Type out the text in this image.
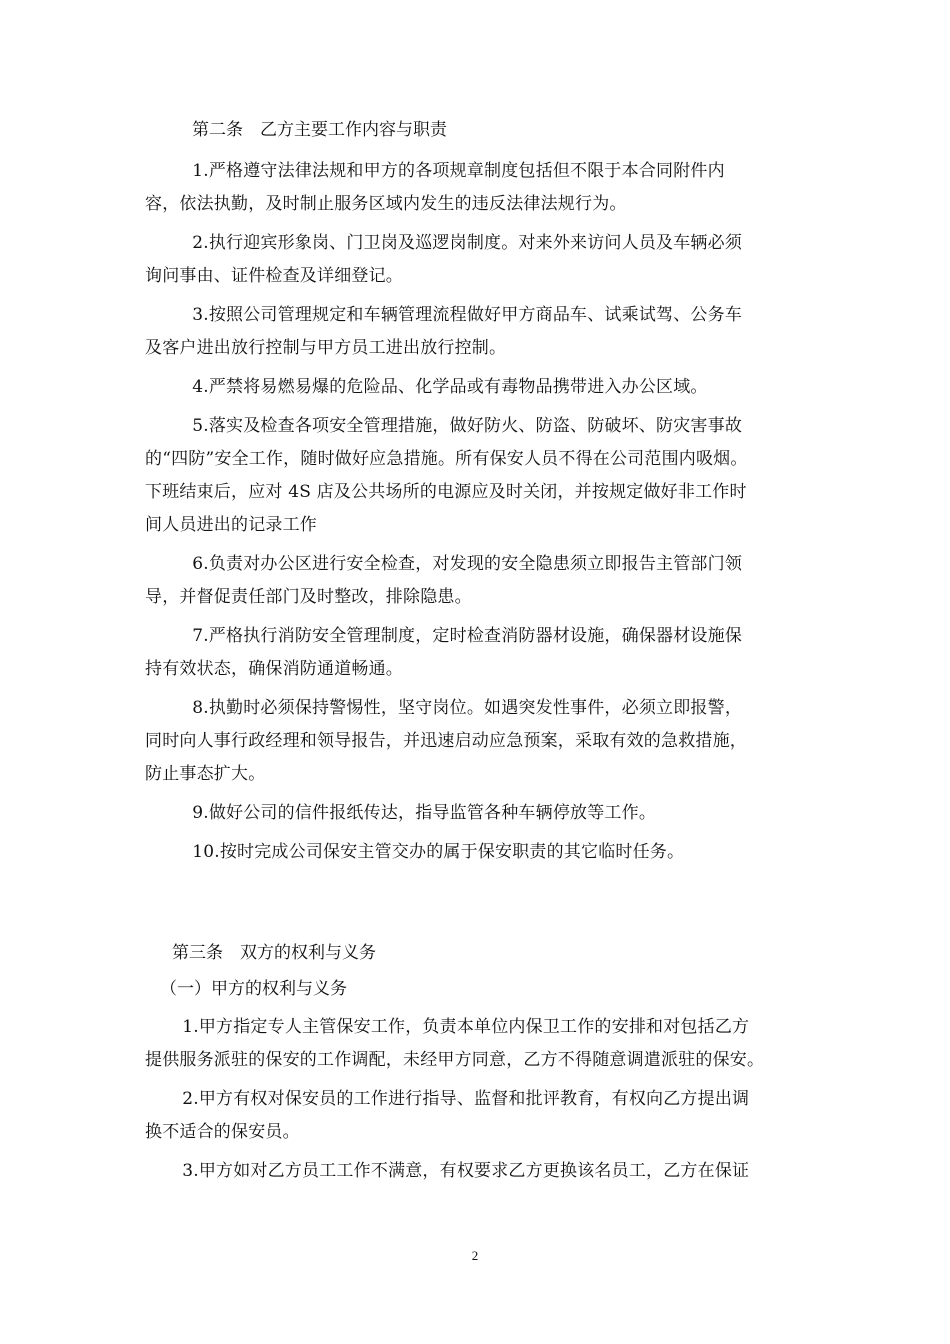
第二条　乙方主要工作内容与职责
　1.严格遵守法律法规和甲方的各项规章制度包括但不限于本合同附件内
容，依法执勤，及时制止服务区域内发生的违反法律法规行为。
　2.执行迎宾形象岗、门卫岗及巡逻岗制度。对来外来访问人员及车辆必须
询问事由、证件检查及详细登记。
　3.按照公司管理规定和车辆管理流程做好甲方商品车、试乘试驾、公务车
及客户进出放行控制与甲方员工进出放行控制。
　4.严禁将易燃易爆的危险品、化学品或有毒物品携带进入办公区域。
　5.落实及检查各项安全管理措施，做好防火、防盗、防破坏、防灾害事故
的“四防”安全工作，随时做好应急措施。所有保安人员不得在公司范围内吸烟。
下班结束后，应对 4S 店及公共场所的电源应及时关闭，并按规定做好非工作时
间人员进出的记录工作
　6.负责对办公区进行安全检查，对发现的安全隐患须立即报告主管部门领
导，并督促责任部门及时整改，排除隐患。
　7.严格执行消防安全管理制度，定时检查消防器材设施，确保器材设施保
持有效状态，确保消防通道畅通。
　8.执勤时必须保持警惕性，坚守岗位。如遇突发性事件，必须立即报警，
同时向人事行政经理和领导报告，并迅速启动应急预案，采取有效的急救措施，
防止事态扩大。
　9.做好公司的信件报纸传达，指导监管各种车辆停放等工作。
　10.按时完成公司保安主管交办的属于保安职责的其它临时任务。
第三条　双方的权利与义务
（一）甲方的权利与义务
　1.甲方指定专人主管保安工作，负责本单位内保卫工作的安排和对包括乙方
提供服务派驻的保安的工作调配，未经甲方同意，乙方不得随意调遣派驻的保安。
　2.甲方有权对保安员的工作进行指导、监督和批评教育，有权向乙方提出调
换不适合的保安员。
　3.甲方如对乙方员工工作不满意，有权要求乙方更换该名员工，乙方在保证
2
